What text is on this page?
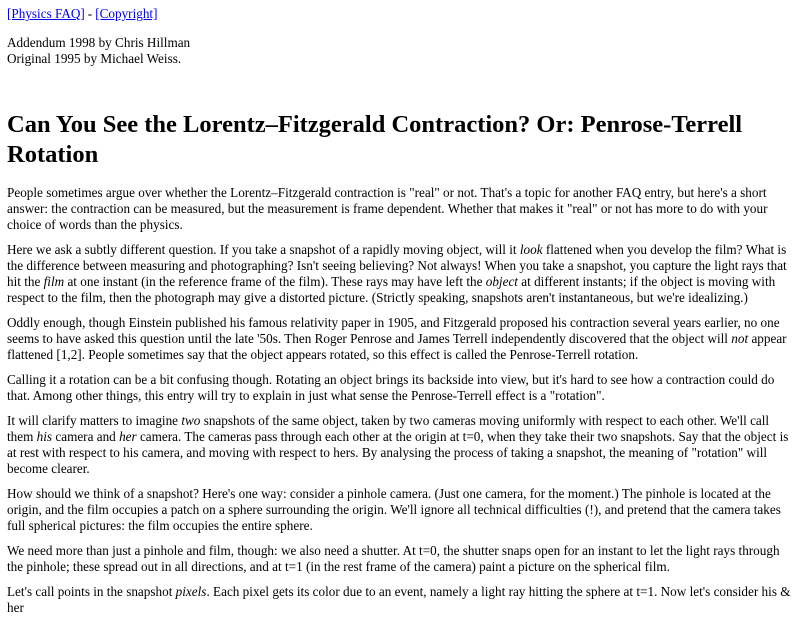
[Physics FAQ] - [Copyright]
Addendum 1998 by Chris Hillman
Original 1995 by Michael Weiss.
Can You See the Lorentz–Fitzgerald Contraction? Or: Penrose-Terrell Rotation

People sometimes argue over whether the Lorentz–Fitzgerald contraction is "real" or not. That's a topic for another FAQ entry, but here's a short answer: the contraction can be measured, but the measurement is frame dependent. Whether that makes it "real" or not has more to do with your choice of words than the physics.

Here we ask a subtly different question. If you take a snapshot of a rapidly moving object, will it look flattened when you develop the film? What is the difference between measuring and photographing? Isn't seeing believing? Not always! When you take a snapshot, you capture the light rays that hit the film at one instant (in the reference frame of the film). These rays may have left the object at different instants; if the object is moving with respect to the film, then the photograph may give a distorted picture. (Strictly speaking, snapshots aren't instantaneous, but we're idealizing.)

Oddly enough, though Einstein published his famous relativity paper in 1905, and Fitzgerald proposed his contraction several years earlier, no one seems to have asked this question until the late '50s. Then Roger Penrose and James Terrell independently discovered that the object will not appear flattened [1,2]. People sometimes say that the object appears rotated, so this effect is called the Penrose-Terrell rotation.

Calling it a rotation can be a bit confusing though. Rotating an object brings its backside into view, but it's hard to see how a contraction could do that. Among other things, this entry will try to explain in just what sense the Penrose-Terrell effect is a "rotation".

It will clarify matters to imagine two snapshots of the same object, taken by two cameras moving uniformly with respect to each other. We'll call them his camera and her camera. The cameras pass through each other at the origin at t=0, when they take their two snapshots. Say that the object is at rest with respect to his camera, and moving with respect to hers. By analysing the process of taking a snapshot, the meaning of "rotation" will become clearer.

How should we think of a snapshot? Here's one way: consider a pinhole camera. (Just one camera, for the moment.) The pinhole is located at the origin, and the film occupies a patch on a sphere surrounding the origin. We'll ignore all technical difficulties (!), and pretend that the camera takes full spherical pictures: the film occupies the entire sphere.

We need more than just a pinhole and film, though: we also need a shutter. At t=0, the shutter snaps open for an instant to let the light rays through the pinhole; these spread out in all directions, and at t=1 (in the rest frame of the camera) paint a picture on the spherical film.

Let's call points in the snapshot pixels. Each pixel gets its color due to an event, namely a light ray hitting the sphere at t=1. Now let's consider his & her
